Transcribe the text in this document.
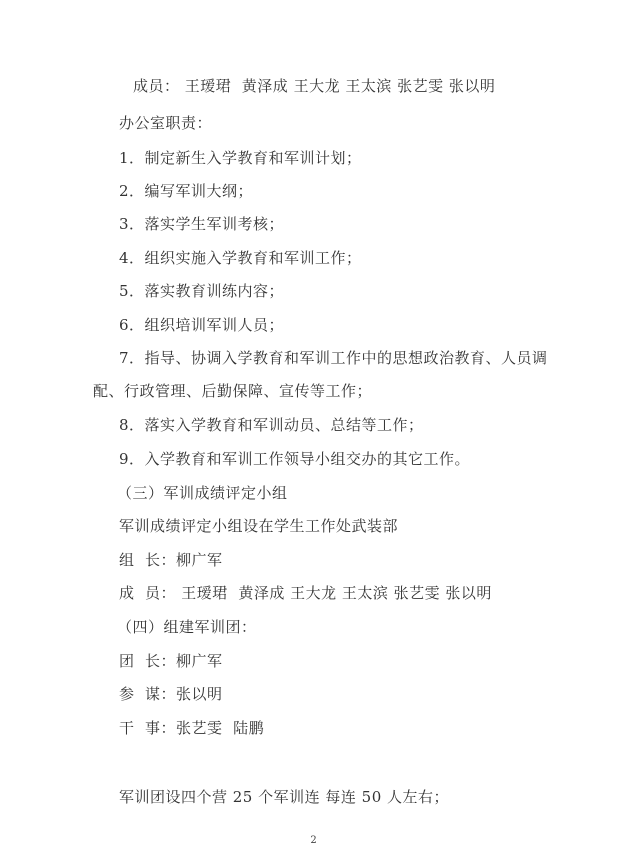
成员： 王瑷珺  黄泽成 王大龙 王太滨 张艺雯 张以明
办公室职责：
1．制定新生入学教育和军训计划；
2．编写军训大纲；
3．落实学生军训考核；
4．组织实施入学教育和军训工作；
5．落实教育训练内容；
6．组织培训军训人员；
7．指导、协调入学教育和军训工作中的思想政治教育、人员调
配、行政管理、后勤保障、宣传等工作；
8．落实入学教育和军训动员、总结等工作；
9．入学教育和军训工作领导小组交办的其它工作。
（三）军训成绩评定小组
军训成绩评定小组设在学生工作处武装部
组  长：柳广军
成  员： 王瑷珺  黄泽成 王大龙 王太滨 张艺雯 张以明
（四）组建军训团：
团  长：柳广军
参  谋：张以明
干  事：张艺雯  陆鹏
军训团设四个营 25 个军训连 每连 50 人左右；
2
